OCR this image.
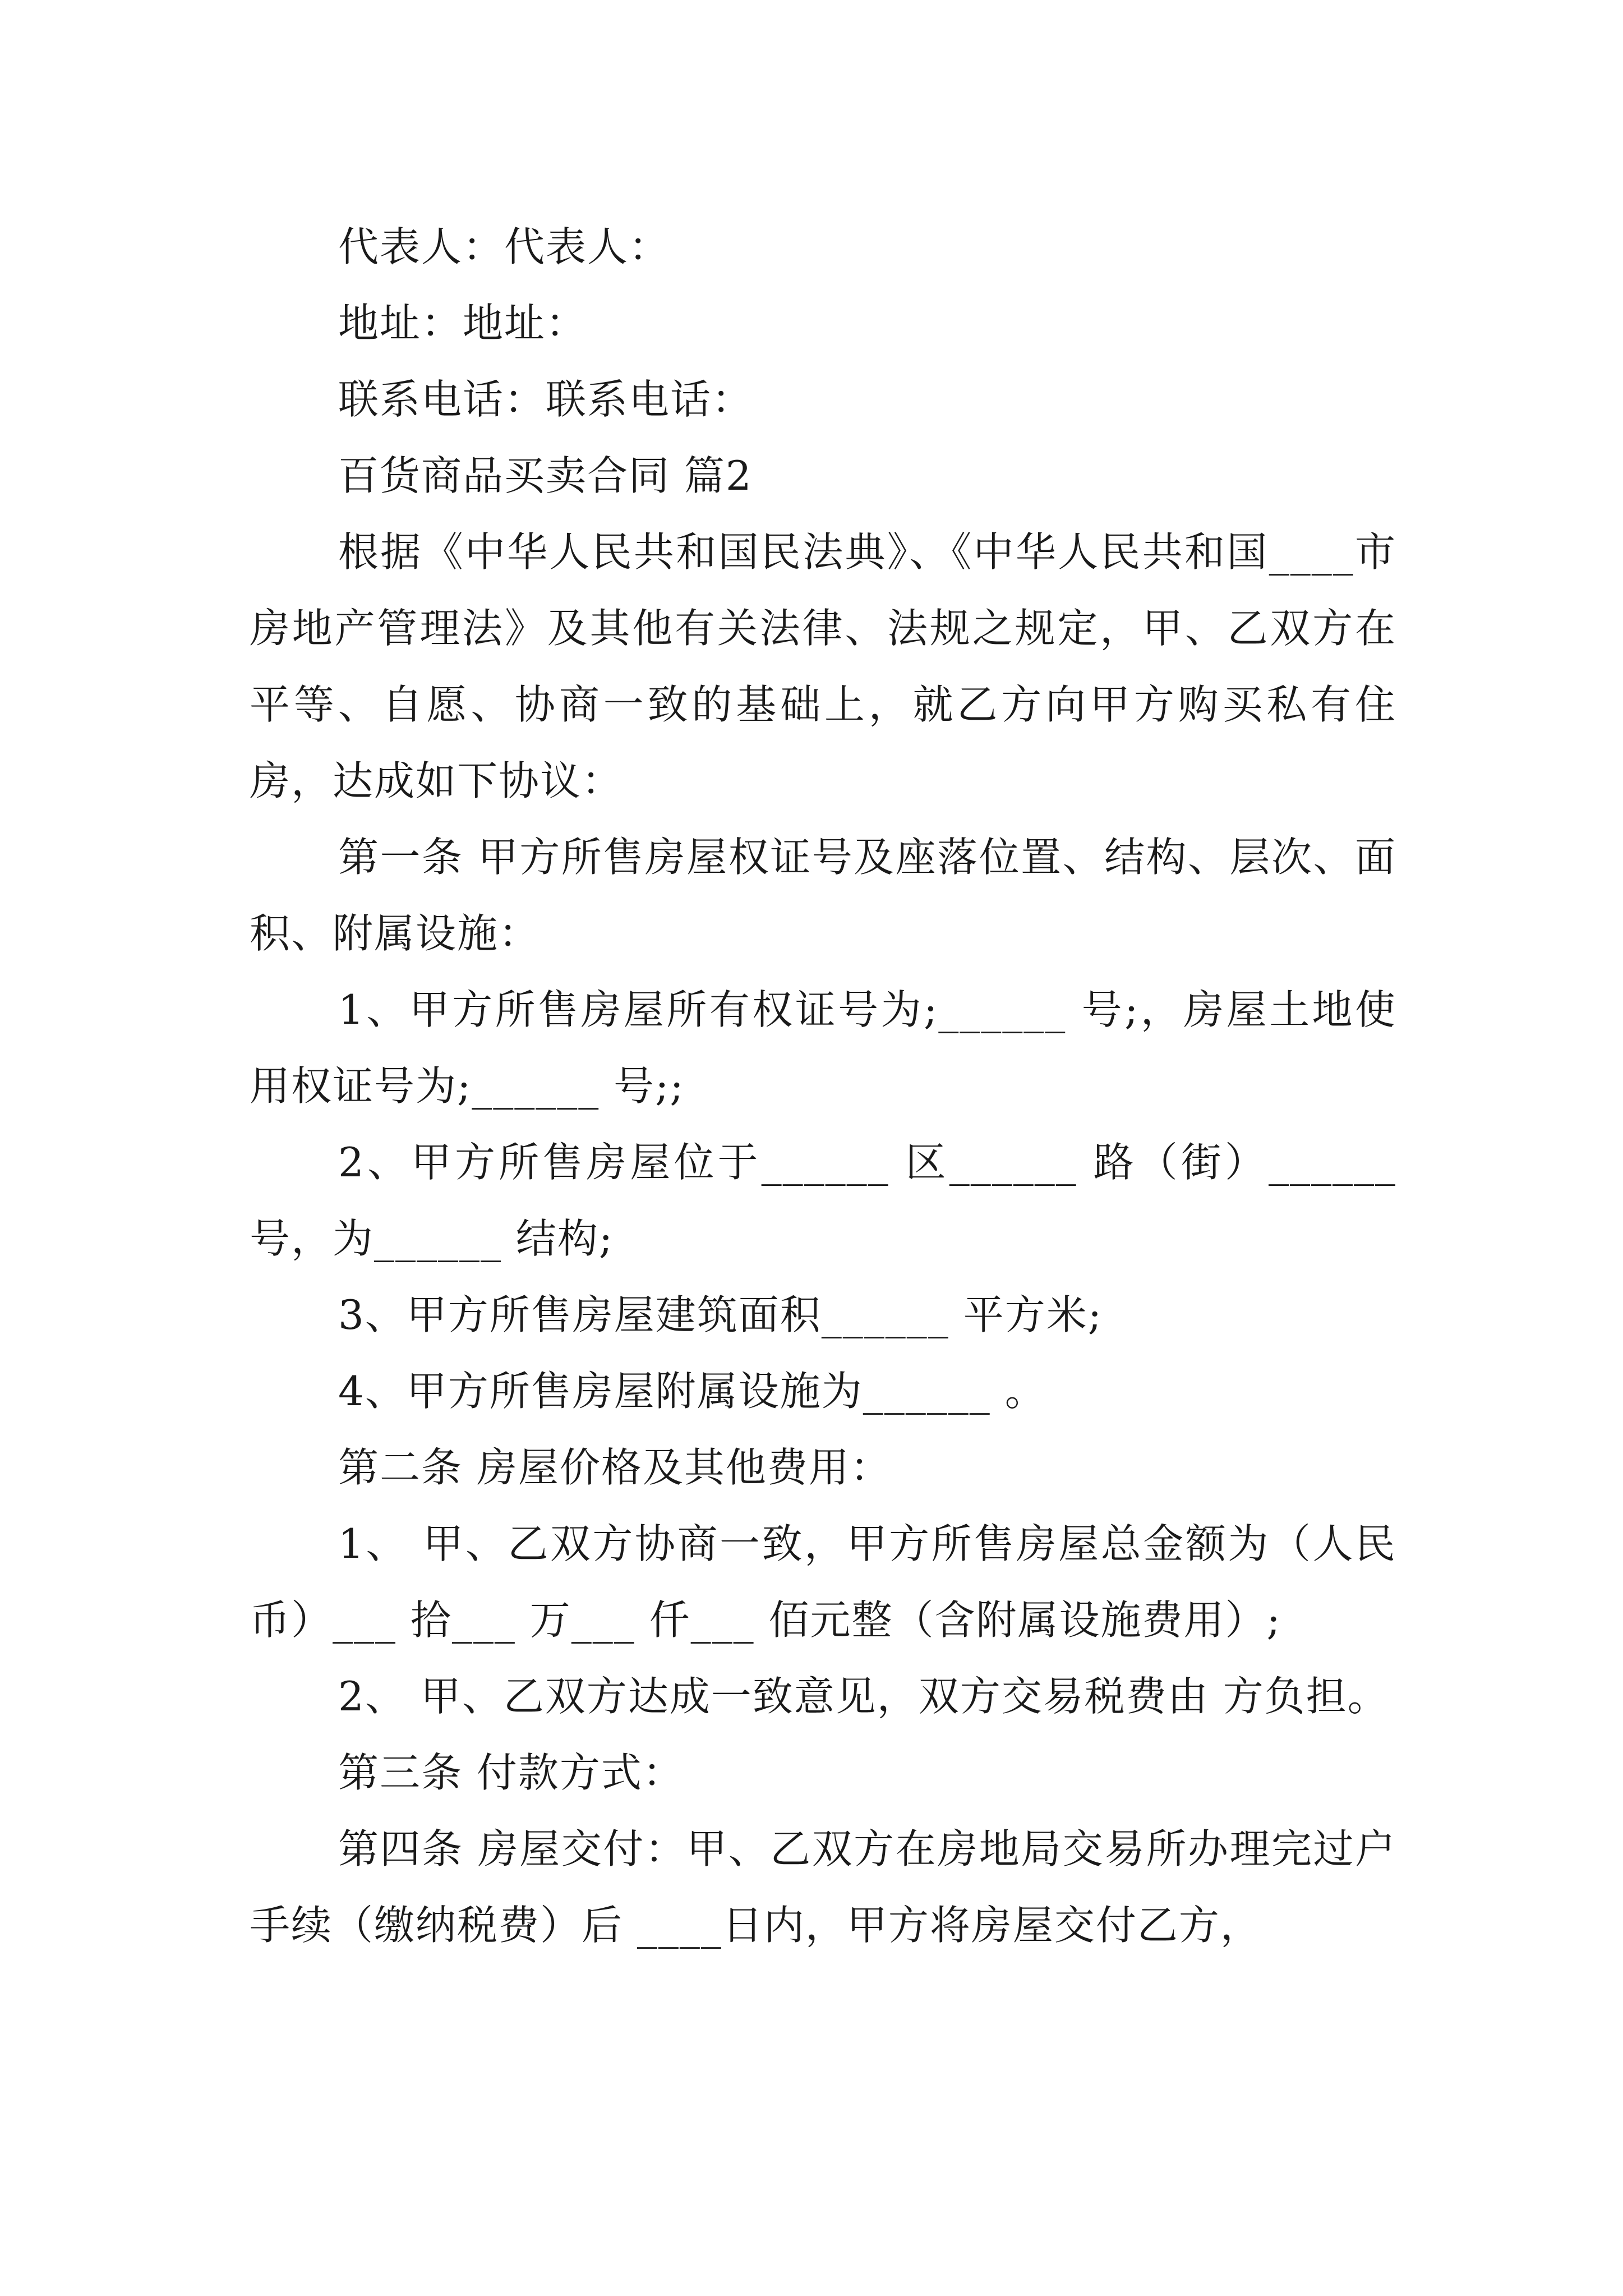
代表人：代表人：

地址：地址：

联系电话：联系电话：

百货商品买卖合同 篇2

根据《中华人民共和国民法典》、《中华人民共和国____市房地产管理法》及其他有关法律、法规之规定，甲、乙双方在平等、自愿、协商一致的基础上，就乙方向甲方购买私有住房，达成如下协议：

第一条 甲方所售房屋权证号及座落位置、结构、层次、面积、附属设施：

1、甲方所售房屋所有权证号为;______ 号;，房屋土地使用权证号为;______ 号;;

2、甲方所售房屋位于______ 区______ 路（街）______号，为______ 结构;

3、甲方所售房屋建筑面积______ 平方米;

4、甲方所售房屋附属设施为______ 。

第二条 房屋价格及其他费用：

1、 甲、乙双方协商一致，甲方所售房屋总金额为（人民币）___ 拾___ 万___ 仟___ 佰元整（含附属设施费用）;

2、 甲、乙双方达成一致意见，双方交易税费由 方负担。

第三条 付款方式：

第四条 房屋交付：甲、乙双方在房地局交易所办理完过户手续（缴纳税费）后 ____日内，甲方将房屋交付乙方，
